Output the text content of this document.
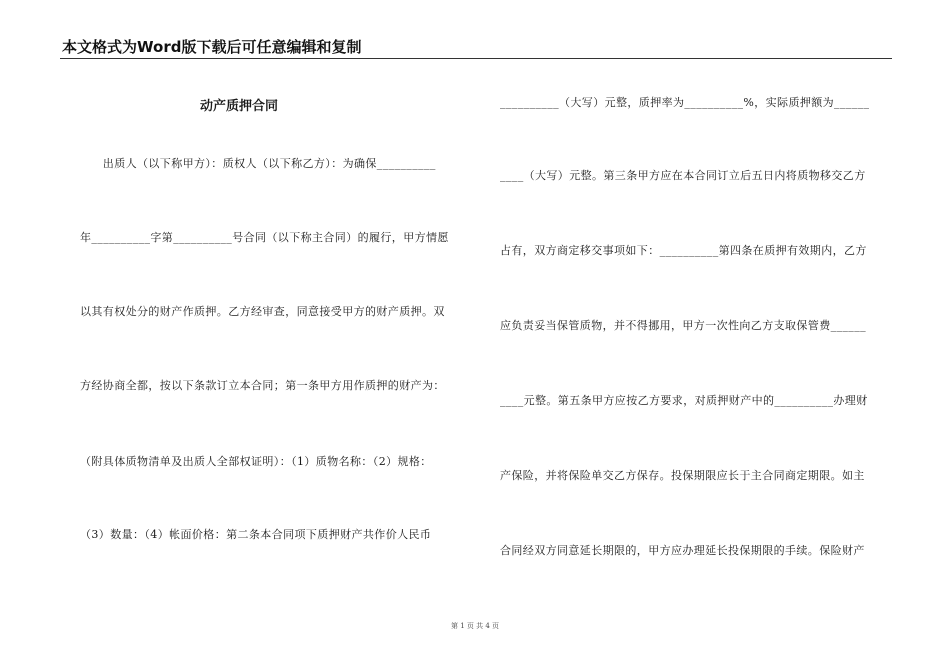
本文格式为Word版下载后可任意编辑和复制
动产质押合同
　　出质人（以下称甲方）：质权人（以下称乙方）：为确保__________
年__________字第__________号合同（以下称主合同）的履行，甲方情愿
以其有权处分的财产作质押。乙方经审查，同意接受甲方的财产质押。双
方经协商全都，按以下条款订立本合同；第一条甲方用作质押的财产为：
（附具体质物清单及出质人全部权证明）：（1）质物名称：（2）规格：
（3）数量：（4）帐面价格：第二条本合同项下质押财产共作价人民币
__________（大写）元整，质押率为__________%，实际质押额为______
____（大写）元整。第三条甲方应在本合同订立后五日内将质物移交乙方
占有，双方商定移交事项如下：__________第四条在质押有效期内，乙方
应负责妥当保管质物，并不得挪用，甲方一次性向乙方支取保管费______
____元整。第五条甲方应按乙方要求，对质押财产中的__________办理财
产保险，并将保险单交乙方保存。投保期限应长于主合同商定期限。如主
合同经双方同意延长期限的，甲方应办理延长投保期限的手续。保险财产
第 1 页 共 4 页
